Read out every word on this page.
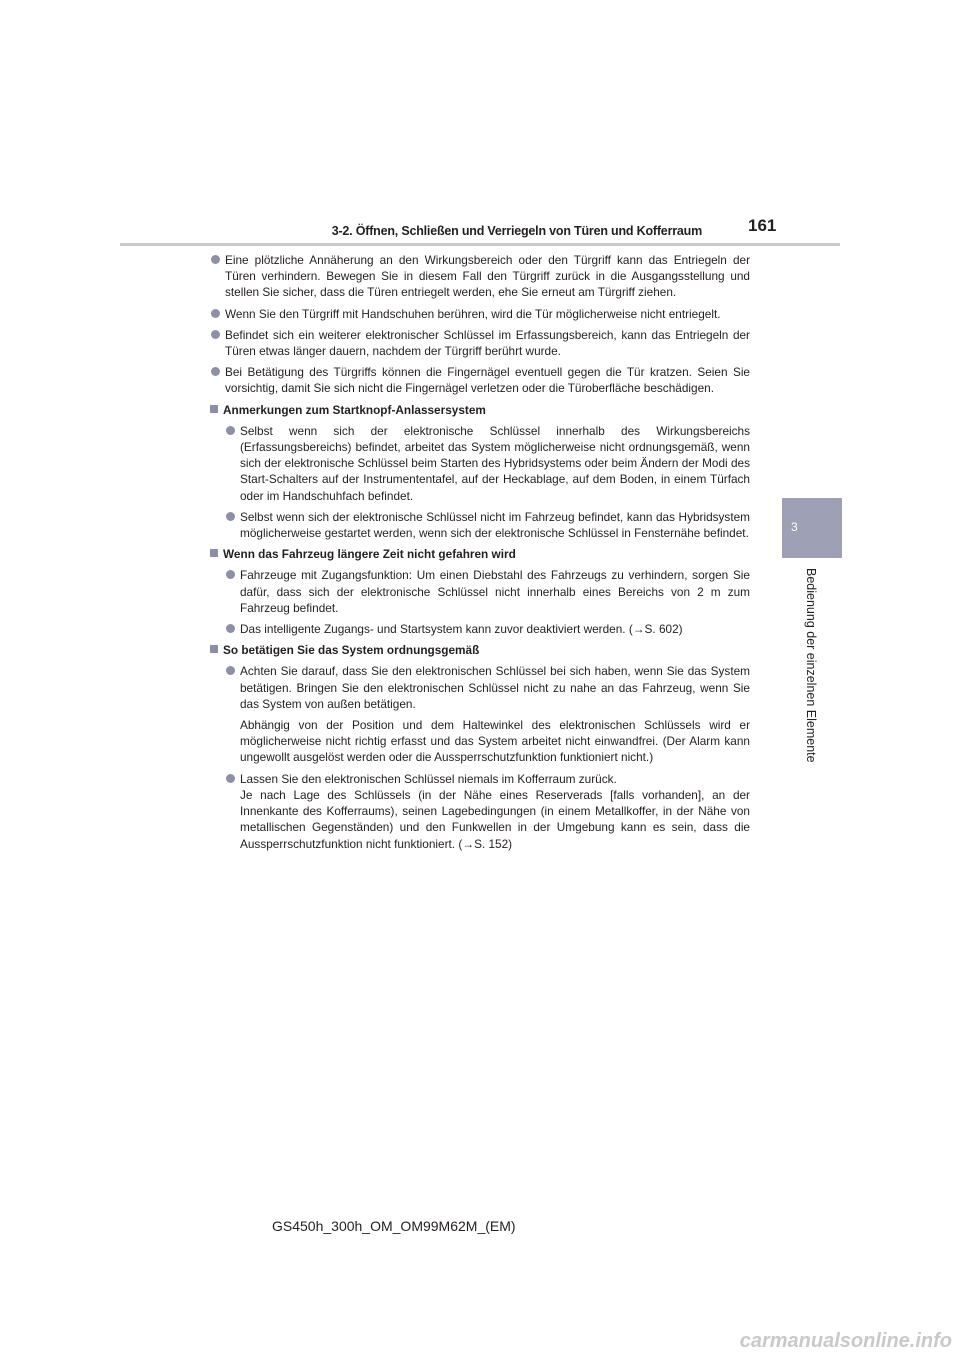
3-2. Öffnen, Schließen und Verriegeln von Türen und Kofferraum	161
3
Bedienung der einzelnen Elemente
Eine plötzliche Annäherung an den Wirkungsbereich oder den Türgriff kann das Entriegeln der Türen verhindern. Bewegen Sie in diesem Fall den Türgriff zurück in die Ausgangsstellung und stellen Sie sicher, dass die Türen entriegelt werden, ehe Sie erneut am Türgriff ziehen.
Wenn Sie den Türgriff mit Handschuhen berühren, wird die Tür möglicherweise nicht entriegelt.
Befindet sich ein weiterer elektronischer Schlüssel im Erfassungsbereich, kann das Entriegeln der Türen etwas länger dauern, nachdem der Türgriff berührt wurde.
Bei Betätigung des Türgriffs können die Fingernägel eventuell gegen die Tür kratzen. Seien Sie vorsichtig, damit Sie sich nicht die Fingernägel verletzen oder die Türoberfläche beschädigen.
Anmerkungen zum Startknopf-Anlassersystem
Selbst wenn sich der elektronische Schlüssel innerhalb des Wirkungsbereichs (Erfassungsbereichs) befindet, arbeitet das System möglicherweise nicht ordnungsgemäß, wenn sich der elektronische Schlüssel beim Starten des Hybridsystems oder beim Ändern der Modi des Start-Schalters auf der Instrumententafel, auf der Heckablage, auf dem Boden, in einem Türfach oder im Handschuhfach befindet.
Selbst wenn sich der elektronische Schlüssel nicht im Fahrzeug befindet, kann das Hybridsystem möglicherweise gestartet werden, wenn sich der elektronische Schlüssel in Fensternähe befindet.
Wenn das Fahrzeug längere Zeit nicht gefahren wird
Fahrzeuge mit Zugangsfunktion: Um einen Diebstahl des Fahrzeugs zu verhindern, sorgen Sie dafür, dass sich der elektronische Schlüssel nicht innerhalb eines Bereichs von 2 m zum Fahrzeug befindet.
Das intelligente Zugangs- und Startsystem kann zuvor deaktiviert werden. (→S. 602)
So betätigen Sie das System ordnungsgemäß
Achten Sie darauf, dass Sie den elektronischen Schlüssel bei sich haben, wenn Sie das System betätigen. Bringen Sie den elektronischen Schlüssel nicht zu nahe an das Fahrzeug, wenn Sie das System von außen betätigen.
Abhängig von der Position und dem Haltewinkel des elektronischen Schlüssels wird er möglicherweise nicht richtig erfasst und das System arbeitet nicht einwandfrei. (Der Alarm kann ungewollt ausgelöst werden oder die Aussperrschutzfunktion funktioniert nicht.)
Lassen Sie den elektronischen Schlüssel niemals im Kofferraum zurück.
Je nach Lage des Schlüssels (in der Nähe eines Reserverads [falls vorhanden], an der Innenkante des Kofferraums), seinen Lagebedingungen (in einem Metallkoffer, in der Nähe von metallischen Gegenständen) und den Funkwellen in der Umgebung kann es sein, dass die Aussperrschutzfunktion nicht funktioniert. (→S. 152)
GS450h_300h_OM_OM99M62M_(EM)
carmanualsonline.info
